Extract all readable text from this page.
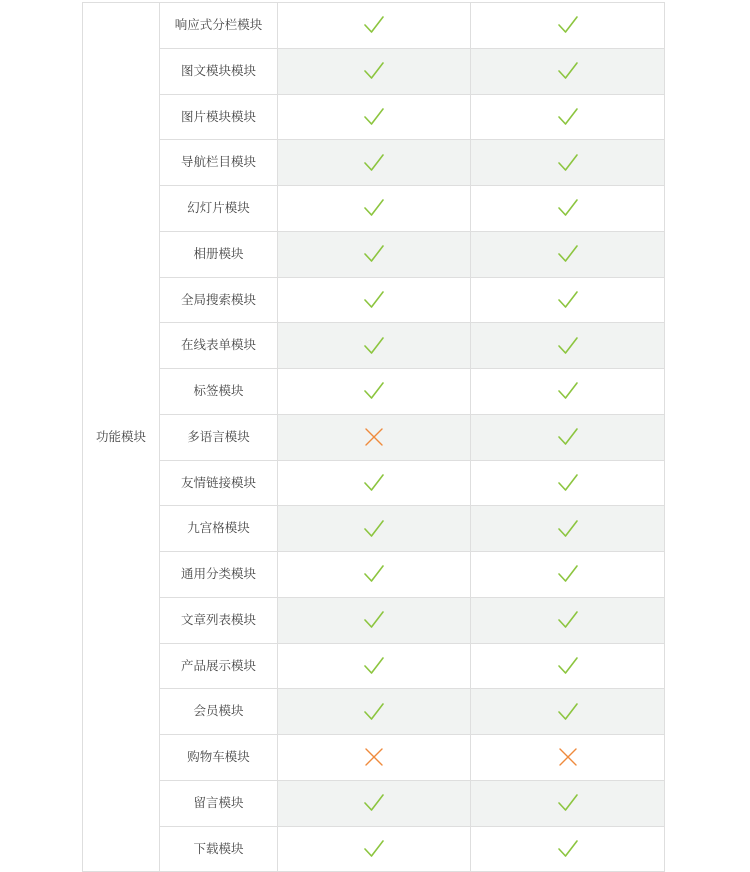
功能模块	响应式分栏模块	

	图文模块模块	

	图片模块模块	

	导航栏目模块	

	幻灯片模块	

	相册模块	

	全局搜索模块	

	在线表单模块	

	标签模块	

	多语言模块	

	友情链接模块	

	九宫格模块	

	通用分类模块	

	文章列表模块	

	产品展示模块	

	会员模块	

	购物车模块	

	留言模块	

	下载模块	
